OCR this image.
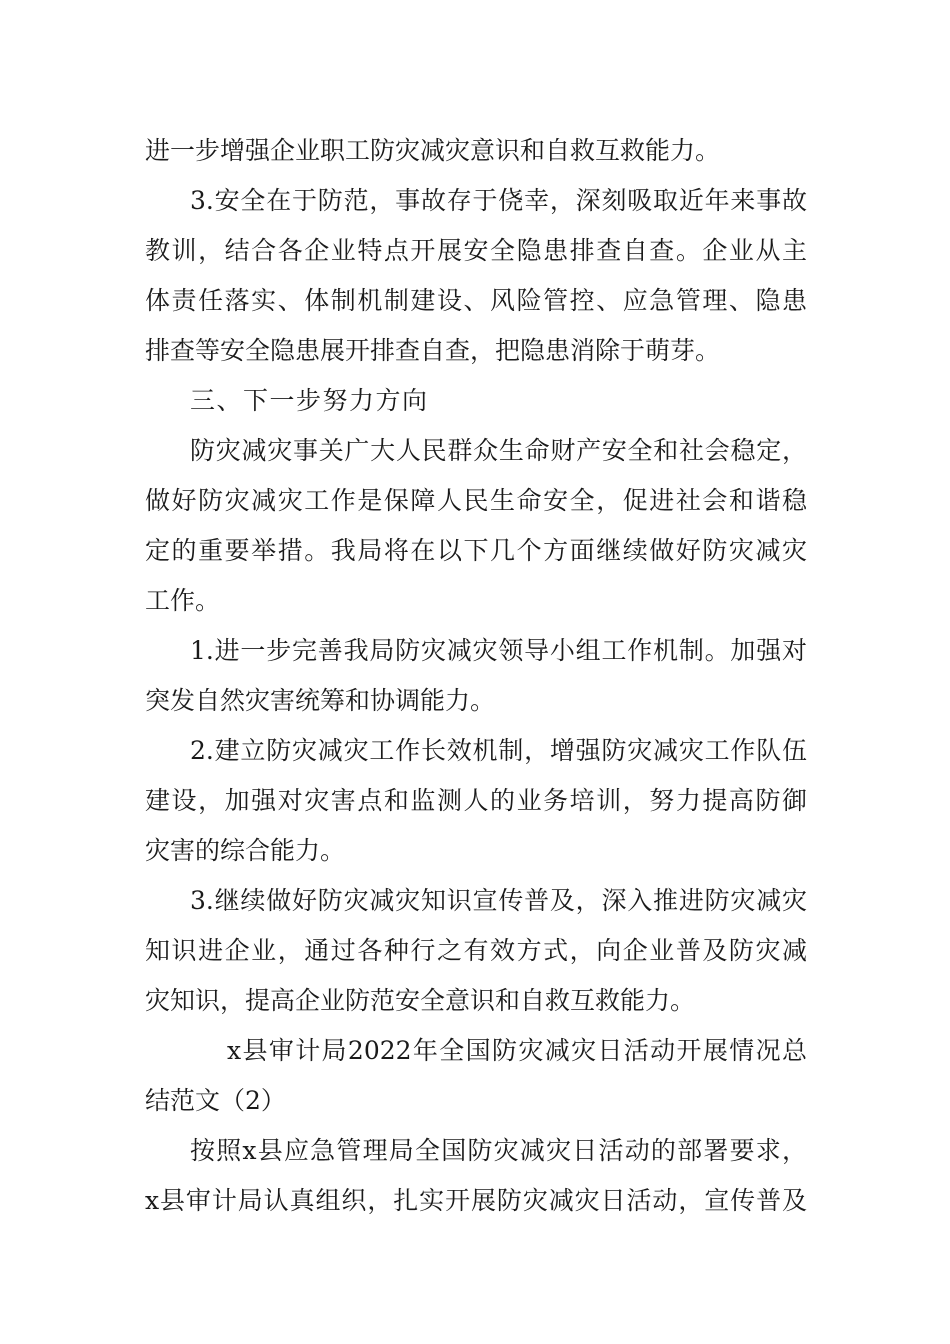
进一步增强企业职工防灾减灾意识和自救互救能力。

3.安全在于防范，事故存于侥幸，深刻吸取近年来事故
教训，结合各企业特点开展安全隐患排查自查。企业从主
体责任落实、体制机制建设、风险管控、应急管理、隐患
排查等安全隐患展开排查自查，把隐患消除于萌芽。

三、下一步努力方向

防灾减灾事关广大人民群众生命财产安全和社会稳定，
做好防灾减灾工作是保障人民生命安全，促进社会和谐稳
定的重要举措。我局将在以下几个方面继续做好防灾减灾
工作。

1.进一步完善我局防灾减灾领导小组工作机制。加强对
突发自然灾害统筹和协调能力。

2.建立防灾减灾工作长效机制，增强防灾减灾工作队伍
建设，加强对灾害点和监测人的业务培训，努力提高防御
灾害的综合能力。

3.继续做好防灾减灾知识宣传普及，深入推进防灾减灾
知识进企业，通过各种行之有效方式，向企业普及防灾减
灾知识，提高企业防范安全意识和自救互救能力。

x县审计局2022年全国防灾减灾日活动开展情况总
结范文（2）

按照x县应急管理局全国防灾减灾日活动的部署要求，
x县审计局认真组织，扎实开展防灾减灾日活动，宣传普及
